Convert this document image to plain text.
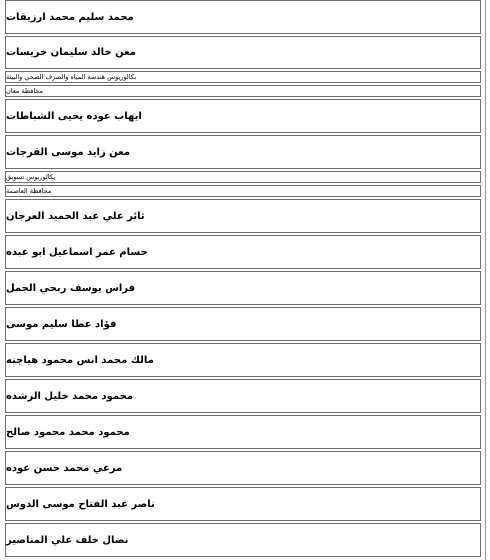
محمد سليم محمد ارزيقات
معن خالد سليمان خريسات
بكالوريوس هندسة المياه والصرف الصحي والبيئة
محافظة معان
ايهاب عوده يحيى الشباطات
معن زايد موسى القرجات
بكالوريوس تسويق
محافظة العاصمة
ثائر علي عبد الحميد العرجان
حسام عمر اسماعيل ابو عبده
فراس يوسف ربحي الجمل
فؤاد عطا سليم موسى
مالك محمد انس محمود هياجنه
محمود محمد خليل الرشده
محمود محمد محمود صالح
مرعي محمد حسن عوده
ناصر عبد الفتاح موسى الدوس
نضال خلف علي المناصير
